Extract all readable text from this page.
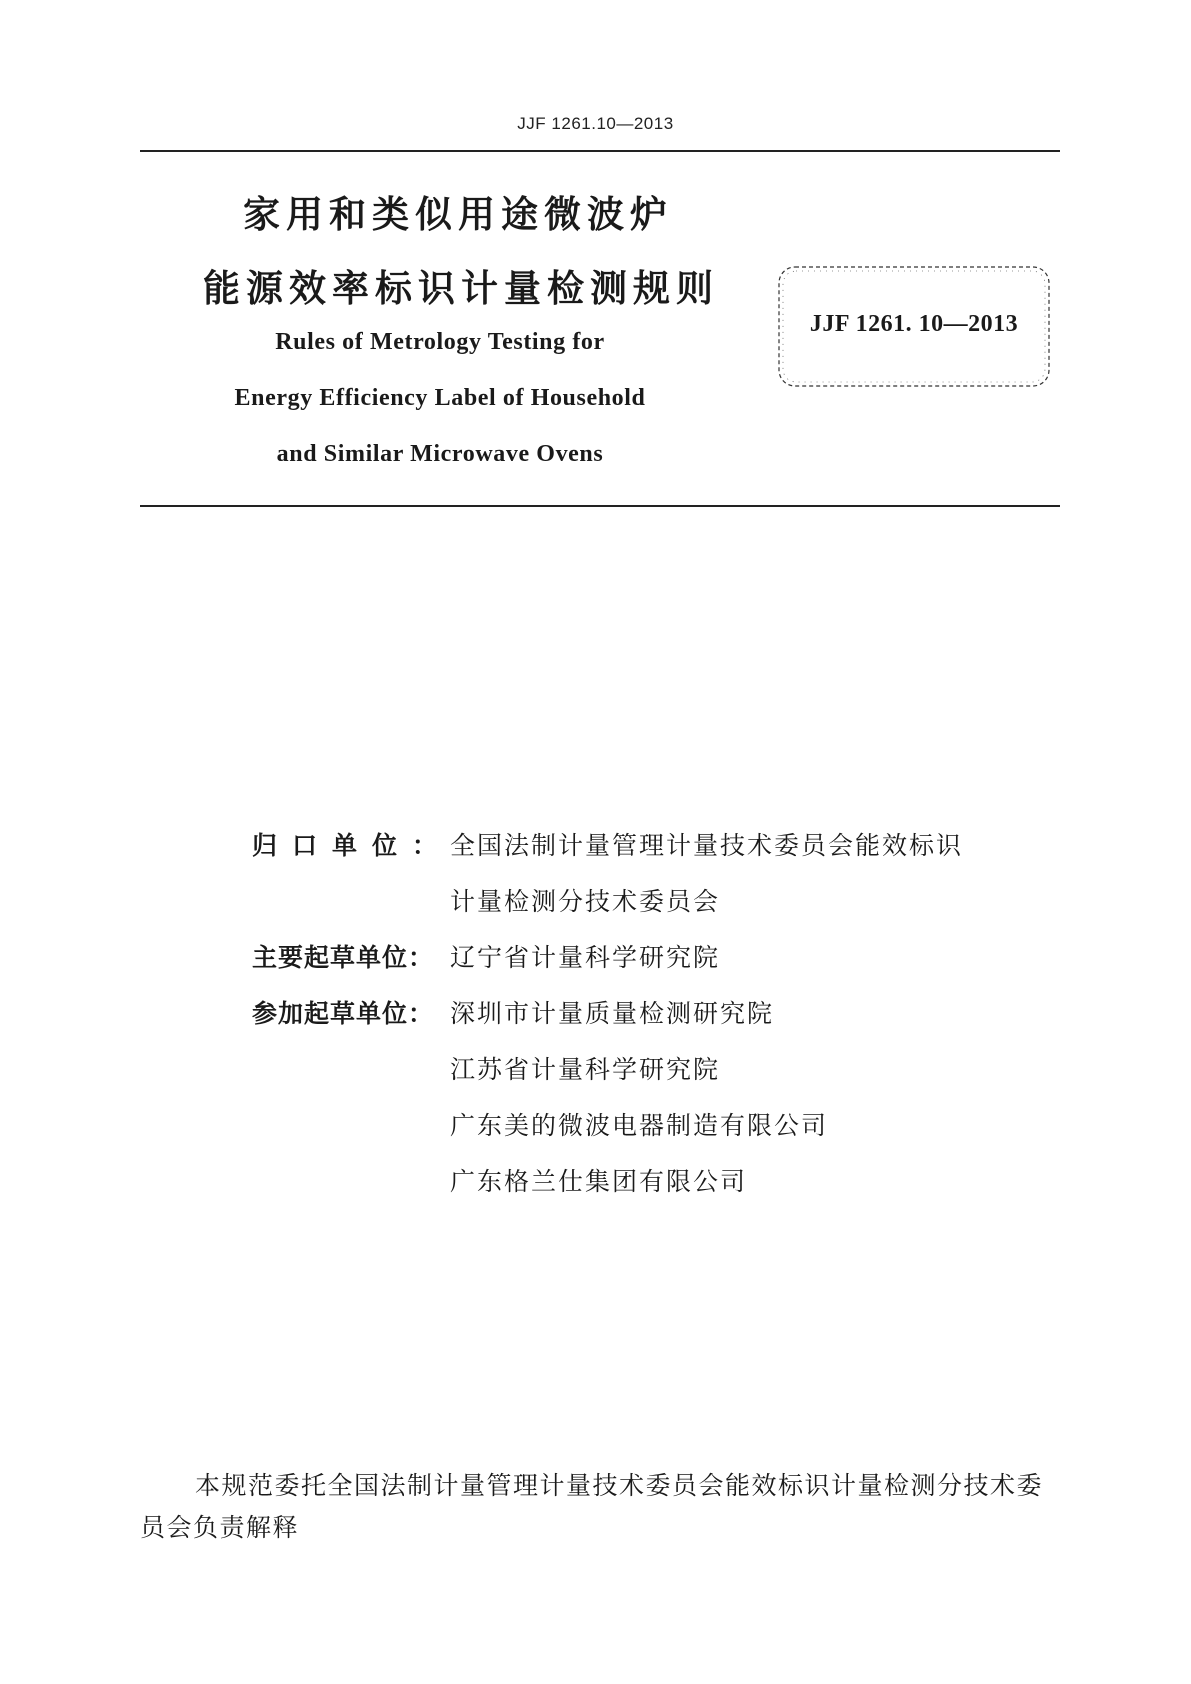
JJF 1261.10—2013
家用和类似用途微波炉
能源效率标识计量检测规则
Rules of Metrology Testing for
Energy Efficiency Label of Household
and Similar Microwave Ovens
JJF 1261. 10—2013
归口单位：
全国法制计量管理计量技术委员会能效标识
计量检测分技术委员会
主要起草单位： 辽宁省计量科学研究院
参加起草单位： 深圳市计量质量检测研究院
江苏省计量科学研究院
广东美的微波电器制造有限公司
广东格兰仕集团有限公司
本规范委托全国法制计量管理计量技术委员会能效标识计量检测分技术委员会负责解释
